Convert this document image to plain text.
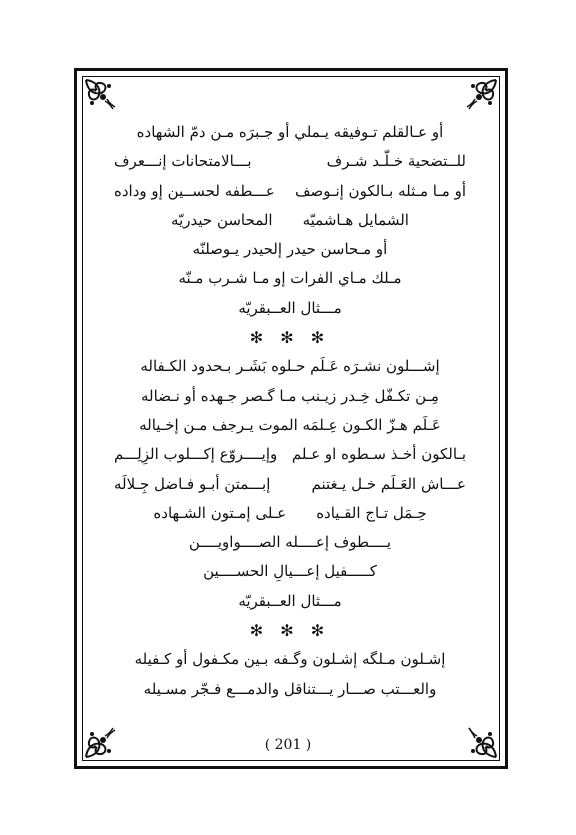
أو عـالقلم تـوفيقه يـملي أو جـبرَه مـن دمّ الشهاده
للــتضحية خـلّـد شـرف
بـــالامتحانات إنـــعرف
أو مـا مـثله بـالكون إنـوصف
عـــطفه لحســين إو وداده
الشمايل هـاشميّه
المحاسن حيدريّه
أو مـحاسن حيدر إلحيدر يـوصلنّه
مـلك مـاي الفرات إو مـا شـرب مـنّه
مـــثال العــبقريّه
✻ ✻ ✻
إشـــلون نشـرَه عَـلَم حـلوه بَشَـر بـحدود الكـفاله
مِـن تكـفّل خِـدر زيـنب مـا گـصر جـهده أو نـضاله
عَـلَم هـزّ الكـون عِـلمَه الموت يـرجف مـن إخـياله
بـالكون أخـذ سـطوه او عـلم
وإيــــروّع إكـــلوب الزِلِـــم
عـــاش العَـلَم خـل يـغتنم
إبـــمتن أبـو فـاضل جِـلالَه
حِـمَل تـاج القـياده
عـلى إمـتون الشـهاده
يــــطوف إعــــله الصــــواويــــن
كـــــفيل إعـــيالِ الحســــين
مـــثال العــبقريّه
✻ ✻ ✻
إشـلون مـلگه إشـلون وگـفه بـين مكـفول أو كـفيله
والعـــتب صـــار يـــتناقل والدمـــع فـجّر مسـيله
( 201 )
